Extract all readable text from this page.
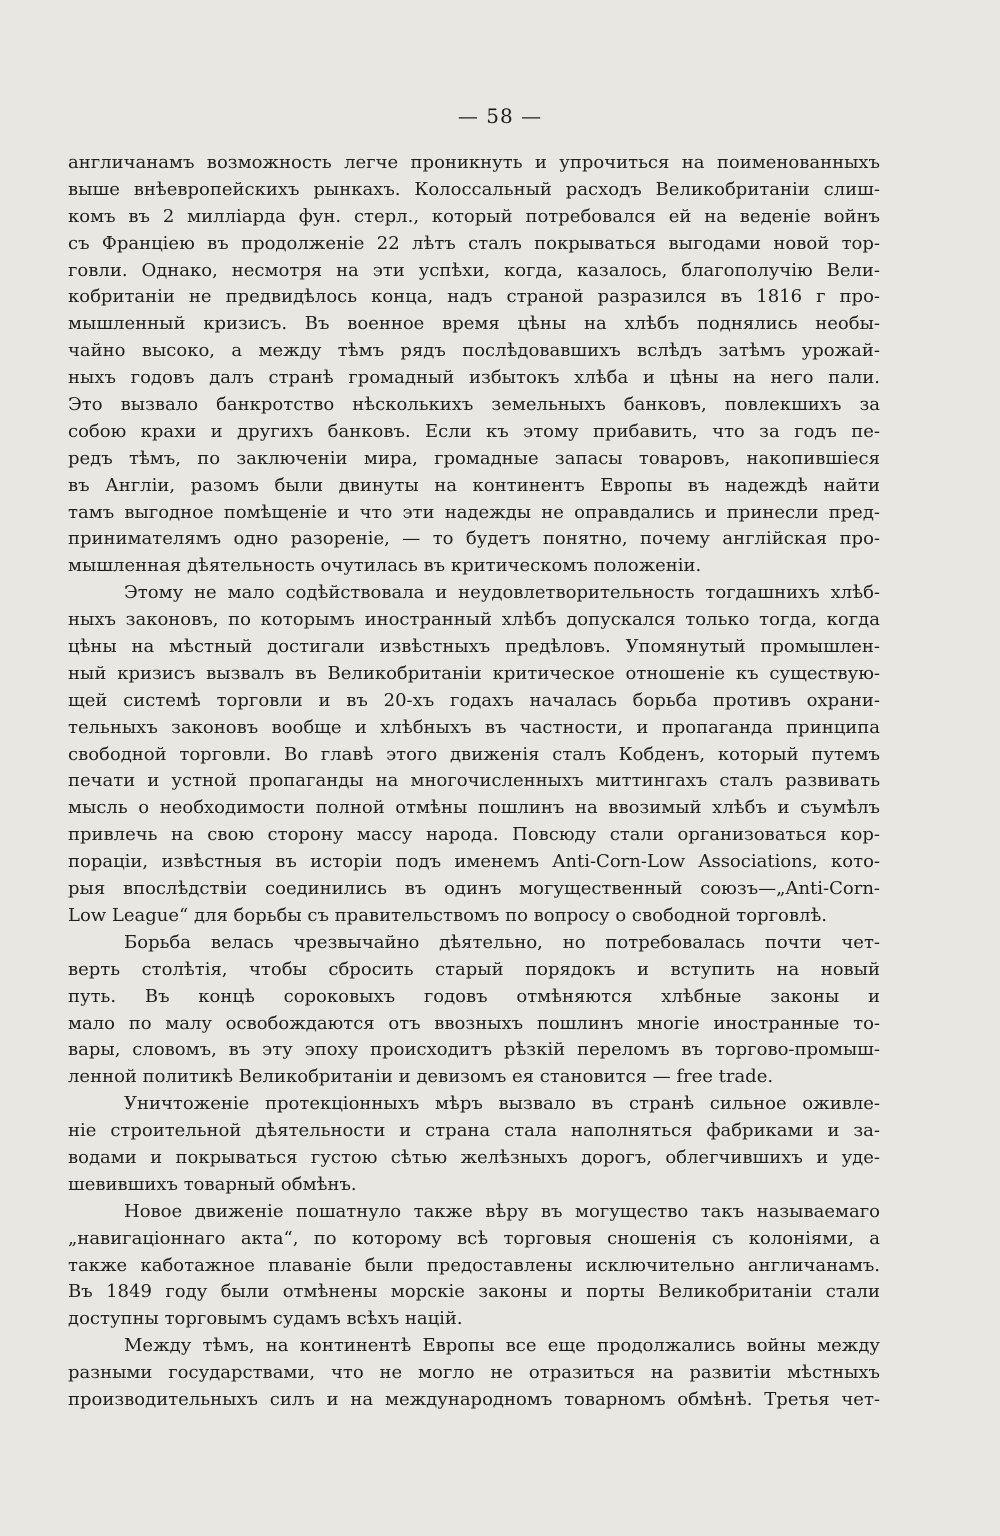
— 58 —
англичанамъ возможность легче проникнуть и упрочиться на поименованныхъ
выше внѣевропейскихъ рынкахъ. Колоссальный расходъ Великобританіи слиш-
комъ въ 2 милліарда фун. стерл., который потребовался ей на веденіе войнъ
съ Франціею въ продолженіе 22 лѣтъ сталъ покрываться выгодами новой тор-
говли. Однако, несмотря на эти успѣхи, когда, казалось, благополучію Вели-
кобританіи не предвидѣлось конца, надъ страной разразился въ 1816 г про-
мышленный кризисъ. Въ военное время цѣны на хлѣбъ поднялись необы-
чайно высоко, а между тѣмъ рядъ послѣдовавшихъ вслѣдъ затѣмъ урожай-
ныхъ годовъ далъ странѣ громадный избытокъ хлѣба и цѣны на него пали.
Это вызвало банкротство нѣсколькихъ земельныхъ банковъ, повлекшихъ за
собою крахи и другихъ банковъ. Если къ этому прибавить, что за годъ пе-
редъ тѣмъ, по заключеніи мира, громадные запасы товаровъ, накопившіеся
въ Англіи, разомъ были двинуты на континентъ Европы въ надеждѣ найти
тамъ выгодное помѣщеніе и что эти надежды не оправдались и принесли пред-
принимателямъ одно разореніе, — то будетъ понятно, почему англійская про-
мышленная дѣятельность очутилась въ критическомъ положеніи.
Этому не мало содѣйствовала и неудовлетворительность тогдашнихъ хлѣб-
ныхъ законовъ, по которымъ иностранный хлѣбъ допускался только тогда, когда
цѣны на мѣстный достигали извѣстныхъ предѣловъ. Упомянутый промышлен-
ный кризисъ вызвалъ въ Великобританіи критическое отношеніе къ существую-
щей системѣ торговли и въ 20-хъ годахъ началась борьба противъ охрани-
тельныхъ законовъ вообще и хлѣбныхъ въ частности, и пропаганда принципа
свободной торговли. Во главѣ этого движенія сталъ Кобденъ, который путемъ
печати и устной пропаганды на многочисленныхъ миттингахъ сталъ развивать
мысль о необходимости полной отмѣны пошлинъ на ввозимый хлѣбъ и съумѣлъ
привлечь на свою сторону массу народа. Повсюду стали организоваться кор-
пораціи, извѣстныя въ исторіи подъ именемъ Anti-Corn-Low Associations, кото-
рыя впослѣдствіи соединились въ одинъ могущественный союзъ—„Anti-Corn-
Low League“ для борьбы съ правительствомъ по вопросу о свободной торговлѣ.
Борьба велась чрезвычайно дѣятельно, но потребовалась почти чет-
верть столѣтія, чтобы сбросить старый порядокъ и вступить на новый
путь. Въ концѣ сороковыхъ годовъ отмѣняются хлѣбные законы и
мало по малу освобождаются отъ ввозныхъ пошлинъ многіе иностранные то-
вары, словомъ, въ эту эпоху происходитъ рѣзкій переломъ въ торгово-промыш-
ленной политикѣ Великобританіи и девизомъ ея становится — free trade.
Уничтоженіе протекціонныхъ мѣръ вызвало въ странѣ сильное оживле-
ніе строительной дѣятельности и страна стала наполняться фабриками и за-
водами и покрываться густою сѣтью желѣзныхъ дорогъ, облегчившихъ и уде-
шевившихъ товарный обмѣнъ.
Новое движеніе пошатнуло также вѣру въ могущество такъ называемаго
„навигаціоннаго акта“, по которому всѣ торговыя сношенія съ колоніями, а
также каботажное плаваніе были предоставлены исключительно англичанамъ.
Въ 1849 году были отмѣнены морскіе законы и порты Великобританіи стали
доступны торговымъ судамъ всѣхъ націй.
Между тѣмъ, на континентѣ Европы все еще продолжались войны между
разными государствами, что не могло не отразиться на развитіи мѣстныхъ
производительныхъ силъ и на международномъ товарномъ обмѣнѣ. Третья чет-
